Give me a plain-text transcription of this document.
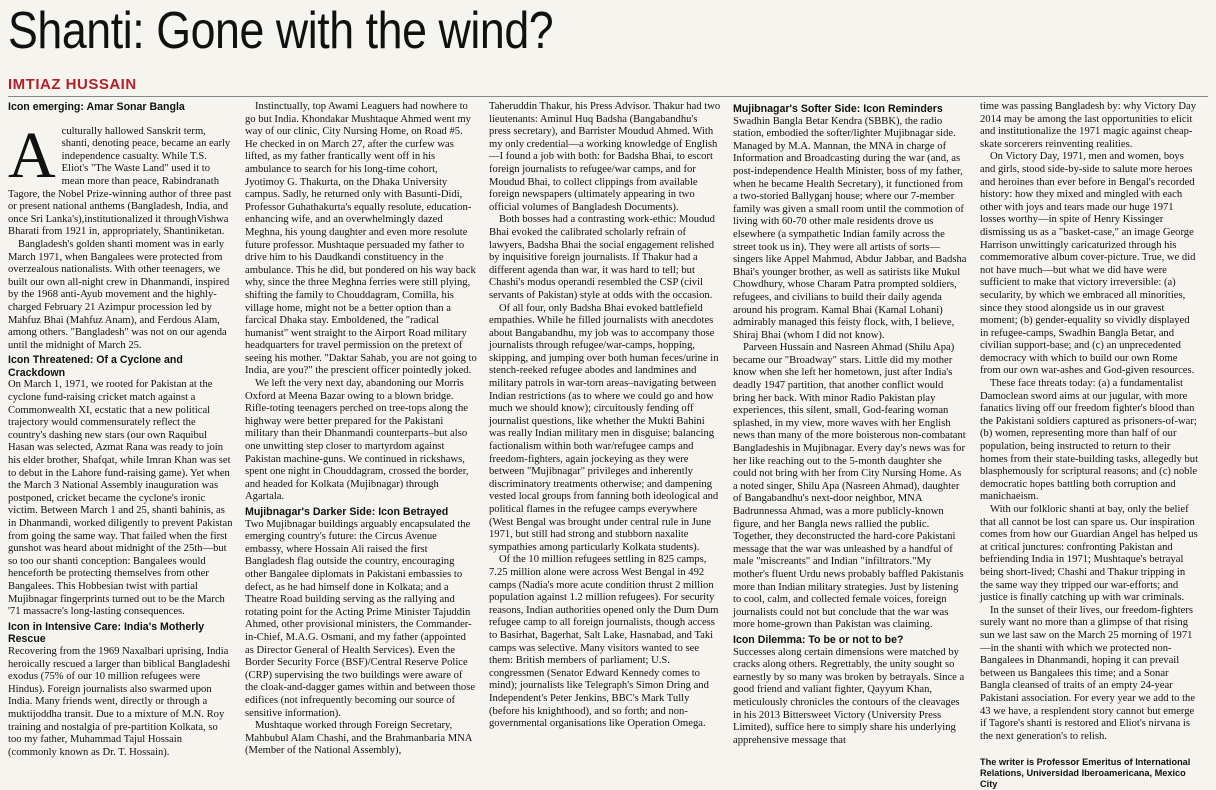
Shanti: Gone with the wind?
IMTIAZ HUSSAIN
Icon emerging: Amar Sonar Bangla

Aculturally hallowed Sanskrit term, shanti, denoting peace, became an early independence casualty. While T.S. Eliot's "The Waste Land" used it to mean more than peace, Rabindranath Tagore, the Nobel Prize-winning author of three past or present national anthems (Bangladesh, India, and once Sri Lanka's),institutionalized it throughVishwa Bharati from 1921 in, appropriately, Shantiniketan.

Bangladesh's golden shanti moment was in early March 1971, when Bangalees were protected from overzealous nationalists. With other teenagers, we built our own all-night crew in Dhanmandi, inspired by the 1968 anti-Ayub movement and the highly-charged February 21 Azimpur procession led by Mahfuz Bhai (Mahfuz Anam), and Ferdous Alam, among others. "Bangladesh" was not on our agenda until the midnight of March 25.

Icon Threatened: Of a Cyclone and Crackdown

On March 1, 1971, we rooted for Pakistan at the cyclone fund-raising cricket match against a Commonwealth XI, ecstatic that a new political trajectory would commensurately reflect the country's dashing new stars (our own Raquibul Hasan was selected, Azmat Rana was ready to join his elder brother, Shafqat, while Imran Khan was set to debut in the Lahore fund-raising game). Yet when the March 3 National Assembly inauguration was postponed, cricket became the cyclone's ironic victim. Between March 1 and 25, shanti bahinis, as in Dhanmandi, worked diligently to prevent Pakistan from going the same way. That failed when the first gunshot was heard about midnight of the 25th—but so too our shanti conception: Bangalees would henceforth be protecting themselves from other Bangalees. This Hobbesian twist with partial Mujibnagar fingerprints turned out to be the March '71 massacre's long-lasting consequences.

Icon in Intensive Care: India's Motherly Rescue

Recovering from the 1969 Naxalbari uprising, India heroically rescued a larger than biblical Bangladeshi exodus (75% of our 10 million refugees were Hindus). Foreign journalists also swarmed upon India. Many friends went, directly or through a muktijoddha transit. Due to a mixture of M.N. Roy training and nostalgia of pre-partition Kolkata, so too my father, Muhammad Tajul Hossain (commonly known as Dr. T. Hossain).

Instinctually, top Awami Leaguers had nowhere to go but India. Khondakar Mushtaque Ahmed went my way of our clinic, City Nursing Home, on Road #5. He checked in on March 27, after the curfew was lifted, as my father frantically went off in his ambulance to search for his long-time cohort, Jyotimoy G. Thakurta, on the Dhaka University campus. Sadly, he returned only with Basunti-Didi, Professor Guhathakurta's equally resolute, education-enhancing wife, and an overwhelmingly dazed Meghna, his young daughter and even more resolute future professor. Mushtaque persuaded my father to drive him to his Daudkandi constituency in the ambulance. This he did, but pondered on his way back why, since the three Meghna ferries were still plying, shifting the family to Chouddagram, Comilla, his village home, might not be a better option than a farcical Dhaka stay. Emboldened, the "radical humanist" went straight to the Airport Road military headquarters for travel permission on the pretext of seeing his mother. "Daktar Sahab, you are not going to India, are you?" the prescient officer pointedly joked.

We left the very next day, abandoning our Morris Oxford at Meena Bazar owing to a blown bridge. Rifle-toting teenagers perched on tree-tops along the highway were better prepared for the Pakistani military than their Dhanmandi counterparts–but also one unwitting step closer to martyrdom against Pakistan machine-guns. We continued in rickshaws, spent one night in Chouddagram, crossed the border, and headed for Kolkata (Mujibnagar) through Agartala.

Mujibnagar's Darker Side: Icon Betrayed

Two Mujibnagar buildings arguably encapsulated the emerging country's future: the Circus Avenue embassy, where Hossain Ali raised the first Bangladesh flag outside the country, encouraging other Bangalee diplomats in Pakistani embassies to defect, as he had himself done in Kolkata; and a Theatre Road building serving as the rallying and rotating point for the Acting Prime Minister Tajuddin Ahmed, other provisional ministers, the Commander-in-Chief, M.A.G. Osmani, and my father (appointed as Director General of Health Services). Even the Border Security Force (BSF)/Central Reserve Police (CRP) supervising the two buildings were aware of the cloak-and-dagger games within and between those edifices (not infrequently becoming our source of sensitive information).

Mushtaque worked through Foreign Secretary, Mahbubul Alam Chashi, and the Brahmanbaria MNA (Member of the National Assembly),

Taheruddin Thakur, his Press Advisor. Thakur had two lieutenants: Aminul Huq Badsha (Bangabandhu's press secretary), and Barrister Moudud Ahmed. With my only credential—a working knowledge of English—I found a job with both: for Badsha Bhai, to escort foreign journalists to refugee/war camps, and for Moudud Bhai, to collect clippings from available foreign newspapers (ultimately appearing in two official volumes of Bangladesh Documents).

Both bosses had a contrasting work-ethic: Moudud Bhai evoked the calibrated scholarly refrain of lawyers, Badsha Bhai the social engagement relished by inquisitive foreign journalists. If Thakur had a different agenda than war, it was hard to tell; but Chashi's modus operandi resembled the CSP (civil servants of Pakistan) style at odds with the occasion.

Of all four, only Badsha Bhai evoked battlefield empathies. While he filled journalists with anecdotes about Bangabandhu, my job was to accompany those journalists through refugee/war-camps, hopping, skipping, and jumping over both human feces/urine in stench-reeked refugee abodes and landmines and military patrols in war-torn areas–navigating between Indian restrictions (as to where we could go and how much we should know); circuitously fending off journalist questions, like whether the Mukti Bahini was really Indian military men in disguise; balancing factionalism within both war/refugee camps and freedom-fighters, again jockeying as they were between "Mujibnagar" privileges and inherently discriminatory treatments otherwise; and dampening vested local groups from fanning both ideological and political flames in the refugee camps everywhere (West Bengal was brought under central rule in June 1971, but still had strong and stubborn naxalite sympathies among particularly Kolkata students).

Of the 10 million refugees settling in 825 camps, 7.25 million alone were across West Bengal in 492 camps (Nadia's more acute condition thrust 2 million population against 1.2 million refugees). For security reasons, Indian authorities opened only the Dum Dum refugee camp to all foreign journalists, though access to Basirhat, Bagerhat, Salt Lake, Hasnabad, and Taki camps was selective. Many visitors wanted to see them: British members of parliament; U.S. congressmen (Senator Edward Kennedy comes to mind); journalists like Telegraph's Simon Dring and Independent's Peter Jenkins, BBC's Mark Tully (before his knighthood), and so forth; and non-governmental organisations like Operation Omega.

Mujibnagar's Softer Side: Icon Reminders

Swadhin Bangla Betar Kendra (SBBK), the radio station, embodied the softer/lighter Mujibnagar side. Managed by M.A. Mannan, the MNA in charge of Information and Broadcasting during the war (and, as post-independence Health Minister, boss of my father, when he became Health Secretary), it functioned from a two-storied Ballyganj house; where our 7-member family was given a small room until the commotion of living with 60-70 other male residents drove us elsewhere (a sympathetic Indian family across the street took us in). They were all artists of sorts—singers like Appel Mahmud, Abdur Jabbar, and Badsha Bhai's younger brother, as well as satirists like Mukul Chowdhury, whose Charam Patra prompted soldiers, refugees, and civilians to build their daily agenda around his program. Kamal Bhai (Kamal Lohani) admirably managed this feisty flock, with, I believe, Shiraj Bhai (whom I did not know).

Parveen Hussain and Nasreen Ahmad (Shilu Apa) became our "Broadway" stars. Little did my mother know when she left her hometown, just after India's deadly 1947 partition, that another conflict would bring her back. With minor Radio Pakistan play experiences, this silent, small, God-fearing woman splashed, in my view, more waves with her English news than many of the more boisterous non-combatant Bangladeshis in Mujibnagar. Every day's news was for her like reaching out to the 5-month daughter she could not bring with her from City Nursing Home. As a noted singer, Shilu Apa (Nasreen Ahmad), daughter of Bangabandhu's next-door neighbor, MNA Badrunnessa Ahmad, was a more publicly-known figure, and her Bangla news rallied the public. Together, they deconstructed the hard-core Pakistani message that the war was unleashed by a handful of male "miscreants" and Indian "infiltrators."My mother's fluent Urdu news probably baffled Pakistanis more than Indian military strategies. Just by listening to cool, calm, and collected female voices, foreign journalists could not but conclude that the war was more home-grown than Pakistan was claiming.

Icon Dilemma: To be or not to be?

Successes along certain dimensions were matched by cracks along others. Regrettably, the unity sought so earnestly by so many was broken by betrayals. Since a good friend and valiant fighter, Qayyum Khan, meticulously chronicles the contours of the cleavages in his 2013 Bittersweet Victory (University Press Limited), suffice here to simply share his underlying apprehensive message that

time was passing Bangladesh by: why Victory Day 2014 may be among the last opportunities to elicit and institutionalize the 1971 magic against cheap-skate sorcerers reinventing realities.

On Victory Day, 1971, men and women, boys and girls, stood side-by-side to salute more heroes and heroines than ever before in Bengal's recorded history: how they mixed and mingled with each other with joys and tears made our huge 1971 losses worthy—in spite of Henry Kissinger dismissing us as a "basket-case," an image George Harrison unwittingly caricaturized through his commemorative album cover-picture. True, we did not have much—but what we did have were sufficient to make that victory irreversible: (a) secularity, by which we embraced all minorities, since they stood alongside us in our gravest moment; (b) gender-equality so vividly displayed in refugee-camps, Swadhin Bangla Betar, and civilian support-base; and (c) an unprecedented democracy with which to build our own Rome from our own war-ashes and God-given resources.

These face threats today: (a) a fundamentalist Damoclean sword aims at our jugular, with more fanatics living off our freedom fighter's blood than the Pakistani soldiers captured as prisoners-of-war; (b) women, representing more than half of our population, being instructed to return to their homes from their state-building tasks, allegedly but blasphemously for scriptural reasons; and (c) noble democratic hopes battling both corruption and manichaeism.

With our folkloric shanti at bay, only the belief that all cannot be lost can spare us. Our inspiration comes from how our Guardian Angel has helped us at critical junctures: confronting Pakistan and befriending India in 1971; Mushtaque's betrayal being short-lived; Chashi and Thakur tripping in the same way they tripped our war-efforts; and justice is finally catching up with war criminals.

In the sunset of their lives, our freedom-fighters surely want no more than a glimpse of that rising sun we last saw on the March 25 morning of 1971—in the shanti with which we protected non-Bangalees in Dhanmandi, hoping it can prevail between us Bangalees this time; and a Sonar Bangla cleansed of traits of an empty 24-year Pakistani association. For every year we add to the 43 we have, a resplendent story cannot but emerge if Tagore's shanti is restored and Eliot's nirvana is the next generation's to relish.

The writer is Professor Emeritus of International Relations, Universidad Iberoamericana, Mexico City
